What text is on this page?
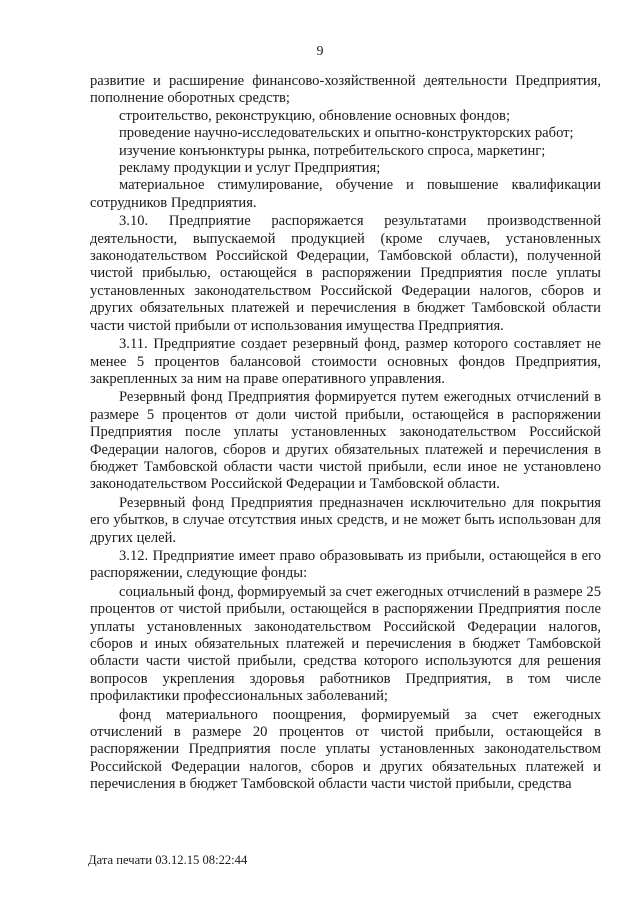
9

развитие и расширение финансово-хозяйственной деятельности Предприятия, пополнение оборотных средств;

строительство, реконструкцию, обновление основных фондов;

проведение научно-исследовательских и опытно-конструкторских работ;

изучение конъюнктуры рынка, потребительского спроса, маркетинг;

рекламу продукции и услуг Предприятия;

материальное стимулирование, обучение и повышение квалификации сотрудников Предприятия.

3.10. Предприятие распоряжается результатами производственной деятельности, выпускаемой продукцией (кроме случаев, установленных законодательством Российской Федерации, Тамбовской области), полученной чистой прибылью, остающейся в распоряжении Предприятия после уплаты установленных законодательством Российской Федерации налогов, сборов и других обязательных платежей и перечисления в бюджет Тамбовской области части чистой прибыли от использования имущества Предприятия.

3.11. Предприятие создает резервный фонд, размер которого составляет не менее 5 процентов балансовой стоимости основных фондов Предприятия, закрепленных за ним на праве оперативного управления.

Резервный фонд Предприятия формируется путем ежегодных отчислений в размере 5 процентов от доли чистой прибыли, остающейся в распоряжении Предприятия после уплаты установленных законодательством Российской Федерации налогов, сборов и других обязательных платежей и перечисления в бюджет Тамбовской области части чистой прибыли, если иное не установлено законодательством Российской Федерации и Тамбовской области.

Резервный фонд Предприятия предназначен исключительно для покрытия его убытков, в случае отсутствия иных средств, и не может быть использован для других целей.

3.12. Предприятие имеет право образовывать из прибыли, остающейся в его распоряжении, следующие фонды:

социальный фонд, формируемый за счет ежегодных отчислений в размере 25 процентов от чистой прибыли, остающейся в распоряжении Предприятия после уплаты установленных законодательством Российской Федерации налогов, сборов и иных обязательных платежей и перечисления в бюджет Тамбовской области части чистой прибыли, средства которого используются для решения вопросов укрепления здоровья работников Предприятия, в том числе профилактики профессиональных заболеваний;

фонд материального поощрения, формируемый за счет ежегодных отчислений в размере 20 процентов от чистой прибыли, остающейся в распоряжении Предприятия после уплаты установленных законодательством Российской Федерации налогов, сборов и других обязательных платежей и перечисления в бюджет Тамбовской области части чистой прибыли, средства

Дата печати 03.12.15 08:22:44
